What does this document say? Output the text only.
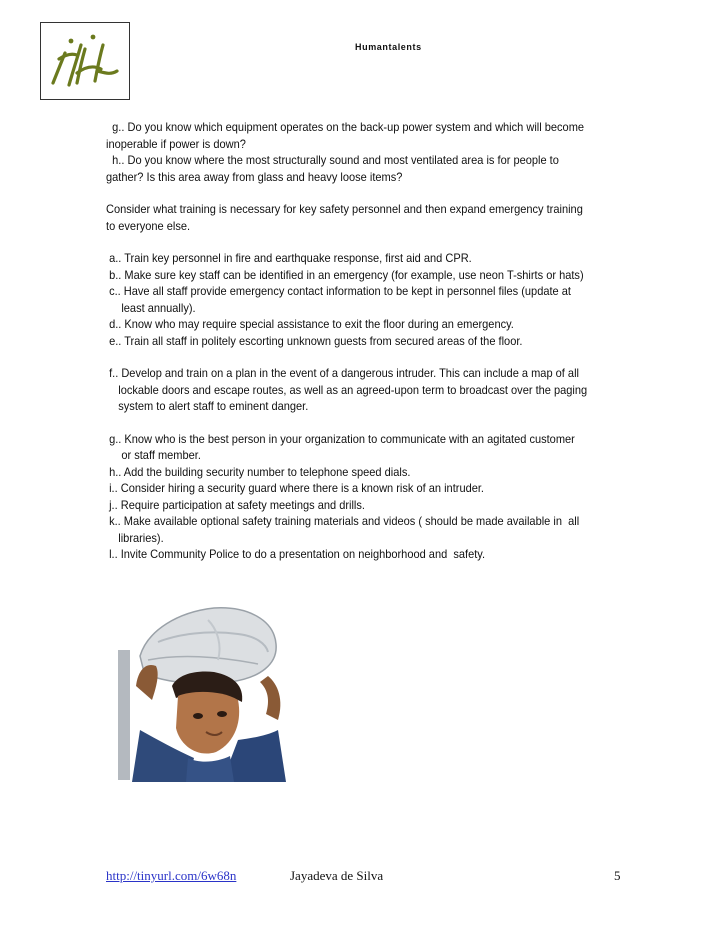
Humantalents

g.. Do you know which equipment operates on the back-up power system and which will become

inoperable if power is down?

h.. Do you know where the most structurally sound and most ventilated area is for people to

gather? Is this area away from glass and heavy loose items?

Consider what training is necessary for key safety personnel and then expand emergency training

to everyone else.

a.. Train key personnel in fire and earthquake response, first aid and CPR.

b.. Make sure key staff can be identified in an emergency (for example, use neon T-shirts or hats)

c.. Have all staff provide emergency contact information to be kept in personnel files (update at

least annually).

d.. Know who may require special assistance to exit the floor during an emergency.

e.. Train all staff in politely escorting unknown guests from secured areas of the floor.

f.. Develop and train on a plan in the event of a dangerous intruder. This can include a map of all

lockable doors and escape routes, as well as an agreed-upon term to broadcast over the paging

system to alert staff to eminent danger.

g.. Know who is the best person in your organization to communicate with an agitated customer

or staff member.

h.. Add the building security number to telephone speed dials.

i.. Consider hiring a security guard where there is a known risk of an intruder.

j.. Require participation at safety meetings and drills.

k.. Make available optional safety training materials and videos ( should be made available in  all

libraries).

l.. Invite Community Police to do a presentation on neighborhood and  safety.

http://tinyurl.com/6w68n	Jayadeva de Silva	5
